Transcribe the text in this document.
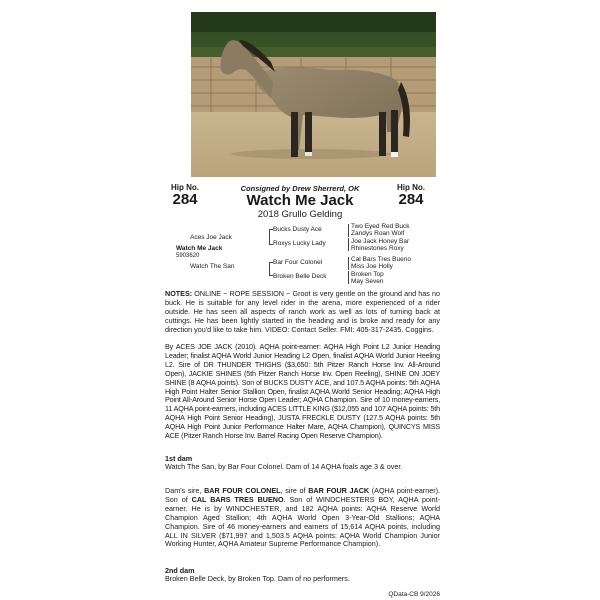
Hip No.
284
Hip No.
284
Consigned by Drew Sherrerd, OK
Watch Me Jack
2018 Grullo Gelding
Aces Joe Jack
Watch Me Jack
5903620
Watch The San
Bucks Dusty Ace
Roxys Lucky Lady
Bar Four Colonel
Broken Belle Deck
Two Eyed Red Buck
Zandys Roan Wolf
Joe Jack Honey Bar
Rhinestones Roxy
Cal Bars Tres Bueno
Miss Joe Holly
Broken Top
May Seven
NOTES: ONLINE ~ ROPE SESSION ~ Groot is very gentle on the ground and has no buck. He is suitable for any level rider in the arena, more experienced of a rider outside. He has seen all aspects of ranch work as well as lots of turning back at cuttings. He has been lightly started in the heading and is broke and ready for any direction you'd like to take him. VIDEO: Contact Seller. FMI: 405-317-2435. Coggins.
By ACES JOE JACK (2010). AQHA point-earner: AQHA High Point L2 Junior Heading Leader; finalist AQHA World Junior Heading L2 Open, finalist AQHA World Junior Heeling L2. Sire of DR THUNDER THIGHS ($3,650: 5th Pitzer Ranch Horse Inv. All-Around Open), JACKIE SHINES (5th Pitzer Ranch Horse Inv. Open Reeling), SHINE ON JOEY SHINE (8 AQHA points). Son of BUCKS DUSTY ACE, and 107.5 AQHA points: 5th AQHA High Point Halter Senior Stallion Open, finalist AQHA World Senior Heading; AQHA High Point All-Around Senior Horse Open Leader; AQHA Champion. Sire of 10 money-earners, 11 AQHA point-earners, including ACES LITTLE KING ($12,055 and 107 AQHA points: 5th AQHA High Point Senior Heading), JUSTA FRECKLE DUSTY (127.5 AQHA points: 5th AQHA High Point Junior Performance Halter Mare, AQHA Champion), QUINCYS MISS ACE (Pitzer Ranch Horse Inv. Barrel Racing Open Reserve Champion).
1st dam
Watch The San, by Bar Four Colonel. Dam of 14 AQHA foals age 3 & over.
Dam's sire, BAR FOUR COLONEL, sire of BAR FOUR JACK (AQHA point-earner). Son of CAL BARS TRES BUENO. Son of WINDCHESTERS BOY, AQHA point-earner. He is by WINDCHESTER, and 182 AQHA points: AQHA Reserve World Champion Aged Stallion; 4th AQHA World Open 3-Year-Old Stallions; AQHA Champion. Sire of 46 money-earners and earners of 15,614 AQHA points, including ALL IN SILVER ($71,997 and 1,503.5 AQHA points: AQHA World Champion Junior Working Hunter, AQHA Amateur Supreme Performance Champion).
2nd dam
Broken Belle Deck, by Broken Top. Dam of no performers.
QData-CB 9/2026
